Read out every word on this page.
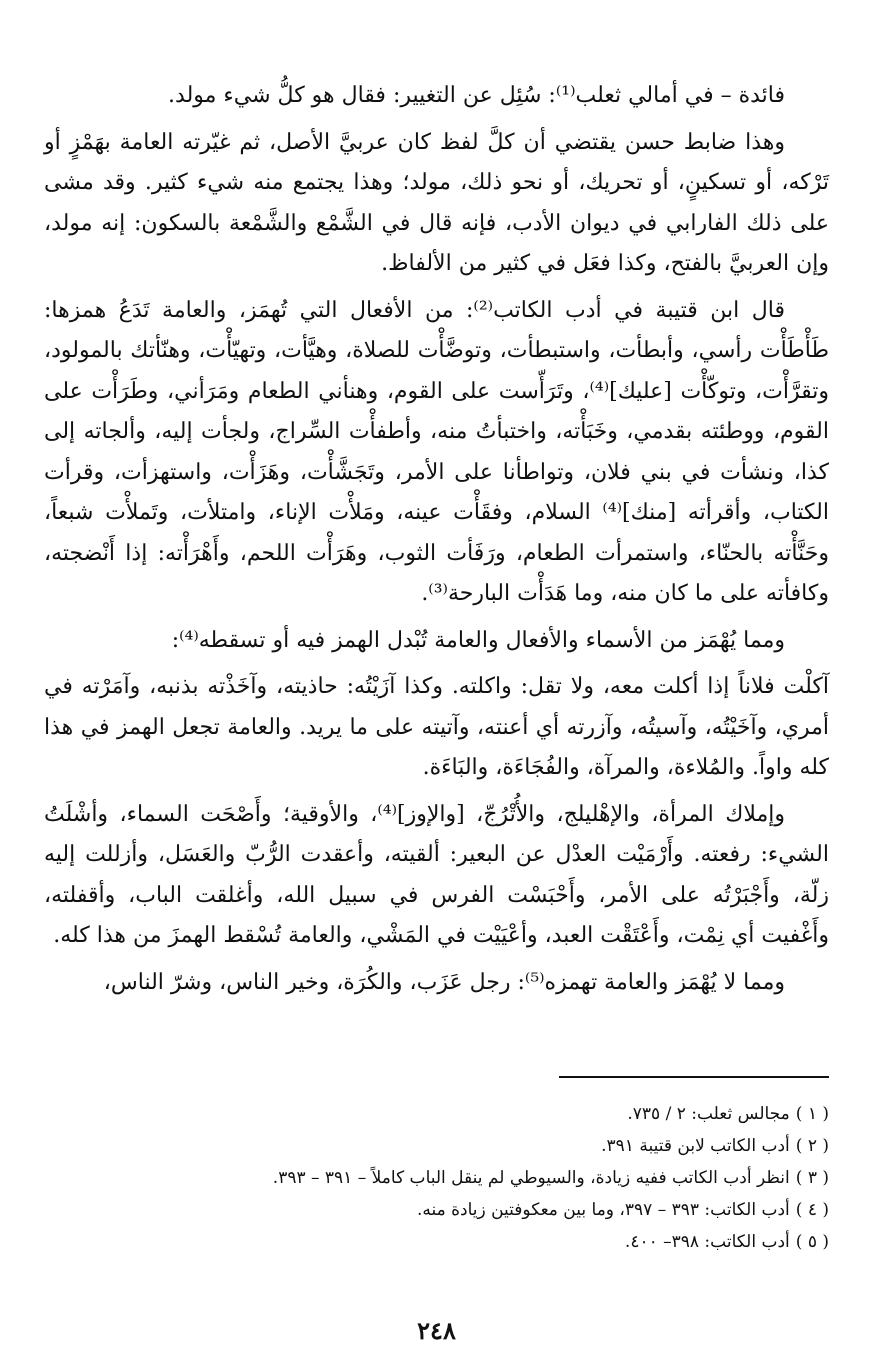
فائدة – في أمالي ثعلب⁽¹⁾: سُئِل عن التغيير: فقال هو كلُّ شيء مولد.

وهذا ضابط حسن يقتضي أن كلَّ لفظ كان عربيَّ الأصل، ثم غيّرته العامة بهَمْزٍ أو تَرْكه، أو تسكينٍ، أو تحريك، أو نحو ذلك، مولد؛ وهذا يجتمع منه شيء كثير. وقد مشى على ذلك الفارابي في ديوان الأدب، فإنه قال في الشَّمْع والشَّمْعة بالسكون: إنه مولد، وإن العربيَّ بالفتح، وكذا فعَل في كثير من الألفاظ.

قال ابن قتيبة في أدب الكاتب⁽²⁾: من الأفعال التي تُهمَز، والعامة تَدَعُ همزها: طَأْطَأْت رأسي، وأبطأت، واستبطأت، وتوضَّأْت للصلاة، وهيَّأت، وتهيّأْت، وهنّأتك بالمولود، وتقرَّأْت، وتوكّأْت [عليك]⁽⁴⁾، وتَرَأّست على القوم، وهنأني الطعام ومَرَأني، وطَرَأْت على القوم، ووطئته بقدمي، وخَبَأْته، واختبأتُ منه، وأطفأْت السِّراج، ولجأت إليه، وألجاته إلى كذا، ونشأت في بني فلان، وتواطأنا على الأمر، وتَجَشَّأْت، وهَزَأْت، واستهزأت، وقرأت الكتاب، وأقرأته [منك]⁽⁴⁾ السلام، وفقَأْت عينه، ومَلأْت الإناء، وامتلأت، وتَملأْت شبعاً، وحَنَّأْته بالحنّاء، واستمرأت الطعام، ورَفَأت الثوب، وهَرَأْت اللحم، وأَهْرَأْته: إذا أَنْضجته، وكافأته على ما كان منه، وما هَدَأْت البارحة⁽³⁾.

ومما يُهْمَز من الأسماء والأفعال والعامة تُبْدل الهمز فيه أو تسقطه⁽⁴⁾:

آكلْت فلاناً إذا أكلت معه، ولا تقل: واكلته. وكذا آزَيْتُه: حاذيته، وآخَذْته بذنبه، وآمَرْته في أمري، وآخَيْتُه، وآسيتُه، وآزرته أي أعنته، وآتيته على ما يريد. والعامة تجعل الهمز في هذا كله واواً. والمُلاءة، والمرآة، والفُجَاءَة، والبَاءَة.

وإملاك المرأة، والإهْليلج، والأُتْرُجّ، [والإوز]⁽⁴⁾، والأوقية؛ وأَصْحَت السماء، وأشْلَتُ الشيء: رفعته. وأَرْمَيْت العدْل عن البعير: ألقيته، وأعقدت الرُّبّ والعَسَل، وأزللت إليه زلّة، وأَجْبَرْتُه على الأمر، وأَحْبَسْت الفرس في سبيل الله، وأغلقت الباب، وأقفلته، وأَغْفيت أي نِمْت، وأَعْتَقْت العبد، وأعْيَيْت في المَشْي، والعامة تُسْقط الهمزَ من هذا كله.

ومما لا يُهْمَز والعامة تهمزه⁽⁵⁾: رجل عَزَب، والكُرَة، وخير الناس، وشرّ الناس،

( ١ )مجالس ثعلب: ٢ / ٧٣٥.

( ٢ )أدب الكاتب لابن قتيبة ٣٩١.

( ٣ )انظر أدب الكاتب ففيه زيادة، والسيوطي لم ينقل الباب كاملاً – ٣٩١ – ٣٩٣.

( ٤ )أدب الكاتب: ٣٩٣ – ٣٩٧، وما بين معكوفتين زيادة منه.

( ٥ )أدب الكاتب: ٣٩٨– ٤٠٠.

٢٤٨
